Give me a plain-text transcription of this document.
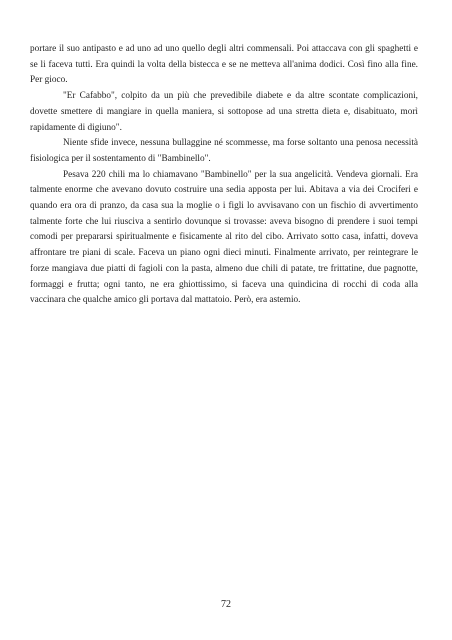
portare il suo antipasto e ad uno ad uno quello degli altri commensali. Poi attaccava con gli spaghetti e se li faceva tutti. Era quindi la volta della bistecca e se ne metteva all'anima dodici. Così fino alla fine. Per gioco.

"Er Cafabbo", colpito da un più che prevedibile diabete e da altre scontate complicazioni, dovette smettere di mangiare in quella maniera, si sottopose ad una stretta dieta e, disabituato, morì rapidamente di digiuno".

Niente sfide invece, nessuna bullaggine né scommesse, ma forse soltanto una penosa necessità fisiologica per il sostentamento di "Bambinello".

Pesava 220 chili ma lo chiamavano "Bambinello" per la sua angelicità. Vendeva giornali. Era talmente enorme che avevano dovuto costruire una sedia apposta per lui. Abitava a via dei Crociferi e quando era ora di pranzo, da casa sua la moglie o i figli lo avvisavano con un fischio di avvertimento talmente forte che lui riusciva a sentirlo dovunque si trovasse: aveva bisogno di prendere i suoi tempi comodi per prepararsi spiritualmente e fisicamente al rito del cibo. Arrivato sotto casa, infatti, doveva affrontare tre piani di scale. Faceva un piano ogni dieci minuti. Finalmente arrivato, per reintegrare le forze mangiava due piatti di fagioli con la pasta, almeno due chili di patate, tre frittatine, due pagnotte, formaggi e frutta; ogni tanto, ne era ghiottissimo, si faceva una quindicina di rocchi di coda alla vaccinara che qualche amico gli portava dal mattatoio. Però, era astemio.

72
